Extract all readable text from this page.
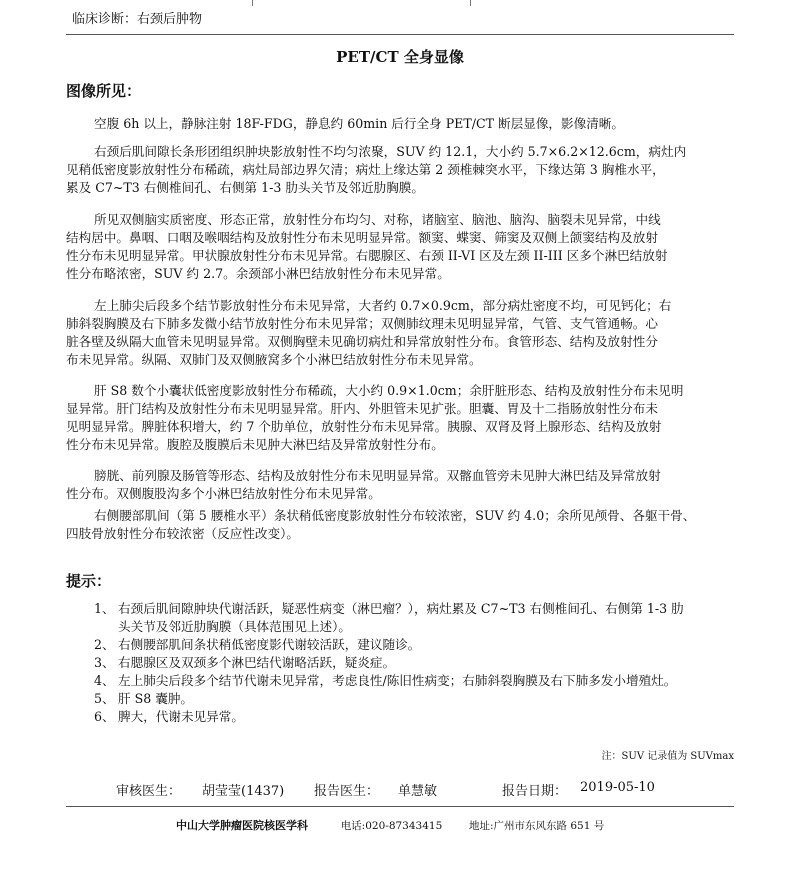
临床诊断：右颈后肿物
PET/CT 全身显像
图像所见：
空腹 6h 以上，静脉注射 18F-FDG，静息约 60min 后行全身 PET/CT 断层显像，影像清晰。
右颈后肌间隙长条形团组织肿块影放射性不均匀浓聚，SUV 约 12.1，大小约 5.7×6.2×12.6cm，病灶内
见稍低密度影放射性分布稀疏，病灶局部边界欠清；病灶上缘达第 2 颈椎棘突水平，下缘达第 3 胸椎水平，
累及 C7~T3 右侧椎间孔、右侧第 1-3 肋头关节及邻近肋胸膜。
所见双侧脑实质密度、形态正常，放射性分布均匀、对称，诸脑室、脑池、脑沟、脑裂未见异常，中线
结构居中。鼻咽、口咽及喉咽结构及放射性分布未见明显异常。额窦、蝶窦、筛窦及双侧上颌窦结构及放射
性分布未见明显异常。甲状腺放射性分布未见异常。右腮腺区、右颈 II-VI 区及左颈 II-III 区多个淋巴结放射
性分布略浓密，SUV 约 2.7。余颈部小淋巴结放射性分布未见异常。
左上肺尖后段多个结节影放射性分布未见异常，大者约 0.7×0.9cm，部分病灶密度不均，可见钙化；右
肺斜裂胸膜及右下肺多发微小结节放射性分布未见异常；双侧肺纹理未见明显异常，气管、支气管通畅。心
脏各壁及纵隔大血管未见明显异常。双侧胸壁未见确切病灶和异常放射性分布。食管形态、结构及放射性分
布未见异常。纵隔、双肺门及双侧腋窝多个小淋巴结放射性分布未见异常。
肝 S8 数个小囊状低密度影放射性分布稀疏，大小约 0.9×1.0cm；余肝脏形态、结构及放射性分布未见明
显异常。肝门结构及放射性分布未见明显异常。肝内、外胆管未见扩张。胆囊、胃及十二指肠放射性分布未
见明显异常。脾脏体积增大，约 7 个肋单位，放射性分布未见异常。胰腺、双肾及肾上腺形态、结构及放射
性分布未见异常。腹腔及腹膜后未见肿大淋巴结及异常放射性分布。
膀胱、前列腺及肠管等形态、结构及放射性分布未见明显异常。双髂血管旁未见肿大淋巴结及异常放射
性分布。双侧腹股沟多个小淋巴结放射性分布未见异常。
右侧腰部肌间（第 5 腰椎水平）条状稍低密度影放射性分布较浓密，SUV 约 4.0；余所见颅骨、各躯干骨、
四肢骨放射性分布较浓密（反应性改变）。
提示：
1、 右颈后肌间隙肿块代谢活跃，疑恶性病变（淋巴瘤？），病灶累及 C7~T3 右侧椎间孔、右侧第 1-3 肋
头关节及邻近肋胸膜（具体范围见上述）。
2、 右侧腰部肌间条状稍低密度影代谢较活跃，建议随诊。
3、 右腮腺区及双颈多个淋巴结代谢略活跃，疑炎症。
4、 左上肺尖后段多个结节代谢未见异常，考虑良性/陈旧性病变；右肺斜裂胸膜及右下肺多发小增殖灶。
5、 肝 S8 囊肿。
6、 脾大，代谢未见异常。
注：SUV 记录值为 SUVmax
审核医生： 胡莹莹(1437) 报告医生： 单慧敏	报告日期： 2019-05-10
中山大学肿瘤医院核医学科	电话:020-87343415	地址:广州市东风东路 651 号
